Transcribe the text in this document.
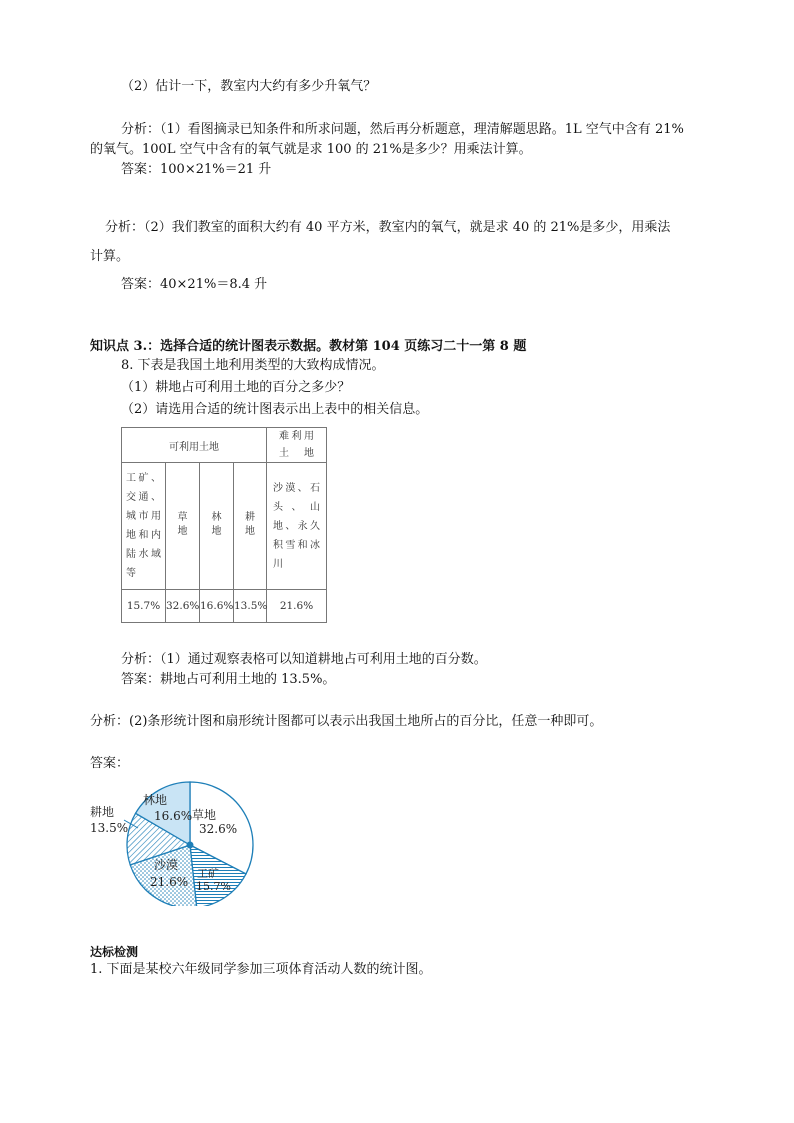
（2）估计一下，教室内大约有多少升氧气？
分析：（1）看图摘录已知条件和所求问题，然后再分析题意，理清解题思路。1L 空气中含有 21%
的氧气。100L 空气中含有的氧气就是求 100 的 21%是多少？用乘法计算。
答案：100×21%＝21 升
分析：（2）我们教室的面积大约有 40 平方米，教室内的氧气，就是求 40 的 21%是多少，用乘法
计算。
答案：40×21%＝8.4 升
知识点 3.：选择合适的统计图表示数据。教材第 104 页练习二十一第 8 题
8. 下表是我国土地利用类型的大致构成情况。
（1）耕地占可利用土地的百分之多少？
（2）请选用合适的统计图表示出上表中的相关信息。
可利用土地				难利用土地

工矿、交通、城市用地和内陆水域等	草地	林地	耕地	沙漠、石头、山地、永久积雪和冰川

15.7%	32.6%	16.6%	13.5%	21.6%
分析：（1）通过观察表格可以知道耕地占可利用土地的百分数。
答案：耕地占可利用土地的 13.5%。
分析：(2)条形统计图和扇形统计图都可以表示出我国土地所占的百分比，任意一种即可。
答案：
草地
32.6%
林地
16.6%
耕地
13.5%
沙漠
21.6%
工矿
15.7%
达标检测
1. 下面是某校六年级同学参加三项体育活动人数的统计图。
